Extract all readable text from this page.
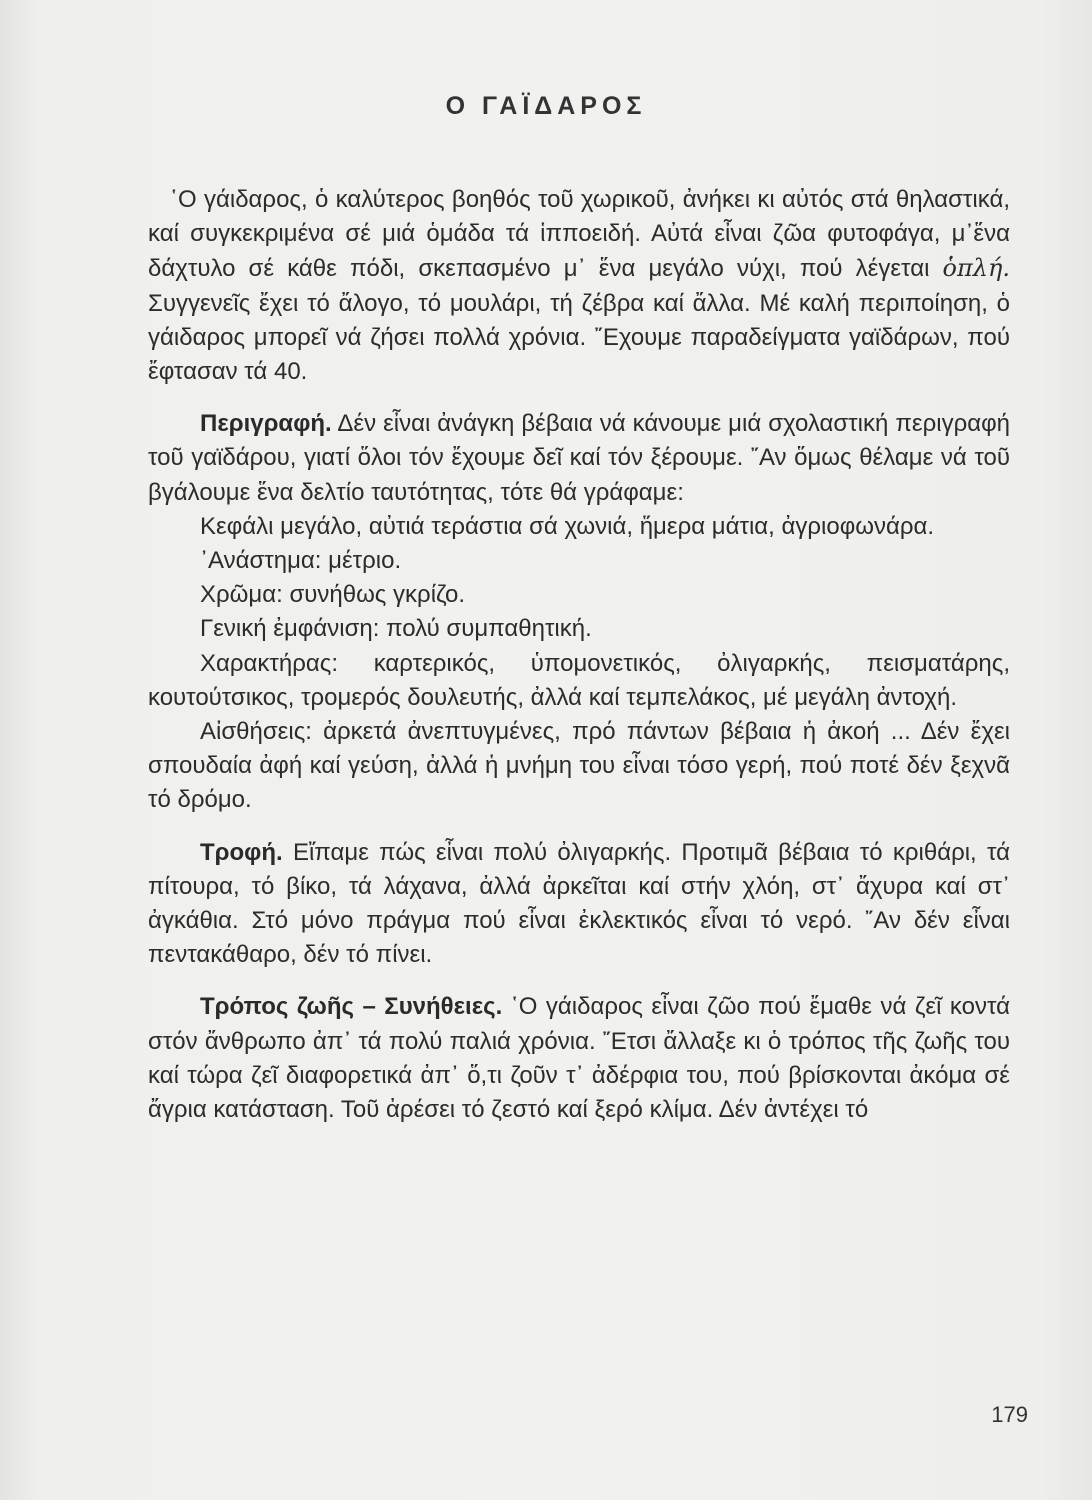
Ο ΓΑΪΔΑΡΟΣ

῾Ο γάιδαρος, ὁ καλύτερος βοηθός τοῦ χωρικοῦ, ἀνήκει κι αὐτός στά θηλαστικά, καί συγκεκριμένα σέ μιά ὁμάδα τά ἱπποειδή. Αὐτά εἶναι ζῶα φυτοφάγα, μ᾽ἕνα δάχτυλο σέ κάθε πόδι, σκεπασμένο μ᾽ ἕνα μεγάλο νύχι, πού λέγεται ὁπλή. Συγγενεῖς ἔχει τό ἄλογο, τό μουλάρι, τή ζέβρα καί ἄλλα. Μέ καλή περιποίηση, ὁ γάιδαρος μπορεῖ νά ζήσει πολλά χρόνια. ῎Εχουμε παραδείγματα γαϊδάρων, πού ἔφτασαν τά 40.

Περιγραφή. Δέν εἶναι ἀνάγκη βέβαια νά κάνουμε μιά σχολαστική περιγραφή τοῦ γαϊδάρου, γιατί ὅλοι τόν ἔχουμε δεῖ καί τόν ξέρουμε. ῎Αν ὅμως θέλαμε νά τοῦ βγάλουμε ἕνα δελτίο ταυτότητας, τότε θά γράφαμε:

Κεφάλι μεγάλο, αὐτιά τεράστια σά χωνιά, ἥμερα μάτια, ἀγριοφωνάρα.

᾽Ανάστημα: μέτριο.

Χρῶμα: συνήθως γκρίζο.

Γενική ἐμφάνιση: πολύ συμπαθητική.

Χαρακτήρας: καρτερικός, ὑπομονετικός, ὀλιγαρκής, πεισματάρης, κουτούτσικος, τρομερός δουλευτής, ἀλλά καί τεμπελάκος, μέ μεγάλη ἀντοχή.

Αἰσθήσεις: ἀρκετά ἀνεπτυγμένες, πρό πάντων βέβαια ἡ ἀκοή ... Δέν ἔχει σπουδαία ἀφή καί γεύση, ἀλλά ἡ μνήμη του εἶναι τόσο γερή, πού ποτέ δέν ξεχνᾶ τό δρόμο.

Τροφή. Εἴπαμε πώς εἶναι πολύ ὀλιγαρκής. Προτιμᾶ βέβαια τό κριθάρι, τά πίτουρα, τό βίκο, τά λάχανα, ἀλλά ἀρκεῖται καί στήν χλόη, στ᾽ ἄχυρα καί στ᾽ ἀγκάθια. Στό μόνο πράγμα πού εἶναι ἐκλεκτικός εἶναι τό νερό. ῎Αν δέν εἶναι πεντακάθαρο, δέν τό πίνει.

Τρόπος ζωῆς – Συνήθειες. ῾Ο γάιδαρος εἶναι ζῶο πού ἔμαθε νά ζεῖ κοντά στόν ἄνθρωπο ἀπ᾽ τά πολύ παλιά χρόνια. ῎Ετσι ἄλλαξε κι ὁ τρόπος τῆς ζωῆς του καί τώρα ζεῖ διαφορετικά ἀπ᾽ ὅ,τι ζοῦν τ᾽ ἀδέρφια του, πού βρίσκονται ἀκόμα σέ ἄγρια κατάσταση. Τοῦ ἀρέσει τό ζεστό καί ξερό κλίμα. Δέν ἀντέχει τό

179
